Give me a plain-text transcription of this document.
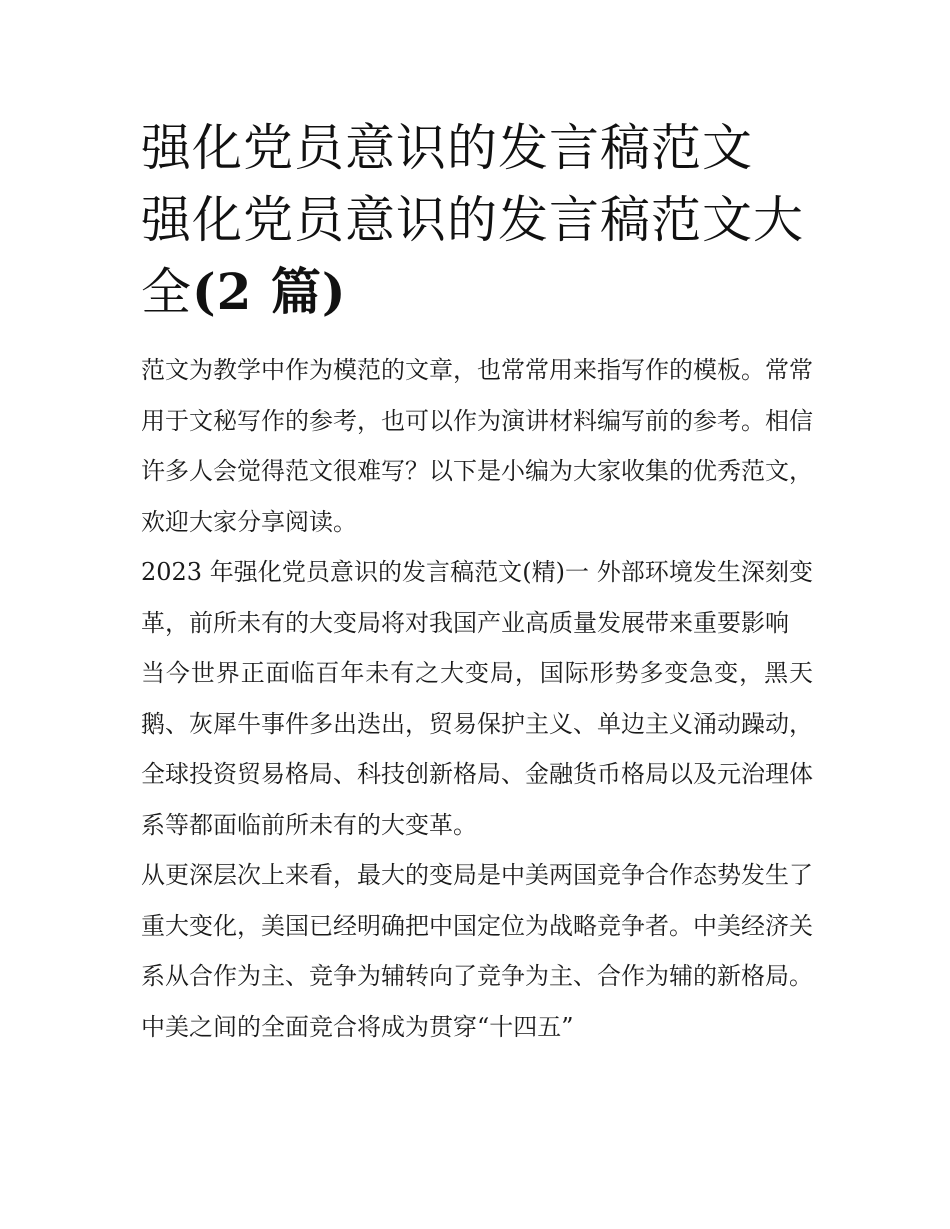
强化党员意识的发言稿范文 强化党员意识的发言稿范文大全(2 篇)

范文为教学中作为模范的文章，也常常用来指写作的模板。常常用于文秘写作的参考，也可以作为演讲材料编写前的参考。相信许多人会觉得范文很难写？以下是小编为大家收集的优秀范文，欢迎大家分享阅读。

2023 年强化党员意识的发言稿范文(精)一 外部环境发生深刻变革，前所未有的大变局将对我国产业高质量发展带来重要影响

当今世界正面临百年未有之大变局，国际形势多变急变，黑天鹅、灰犀牛事件多出迭出，贸易保护主义、单边主义涌动躁动，全球投资贸易格局、科技创新格局、金融货币格局以及元治理体系等都面临前所未有的大变革。

从更深层次上来看，最大的变局是中美两国竞争合作态势发生了重大变化，美国已经明确把中国定位为战略竞争者。中美经济关系从合作为主、竞争为辅转向了竞争为主、合作为辅的新格局。中美之间的全面竞合将成为贯穿“十四五”
